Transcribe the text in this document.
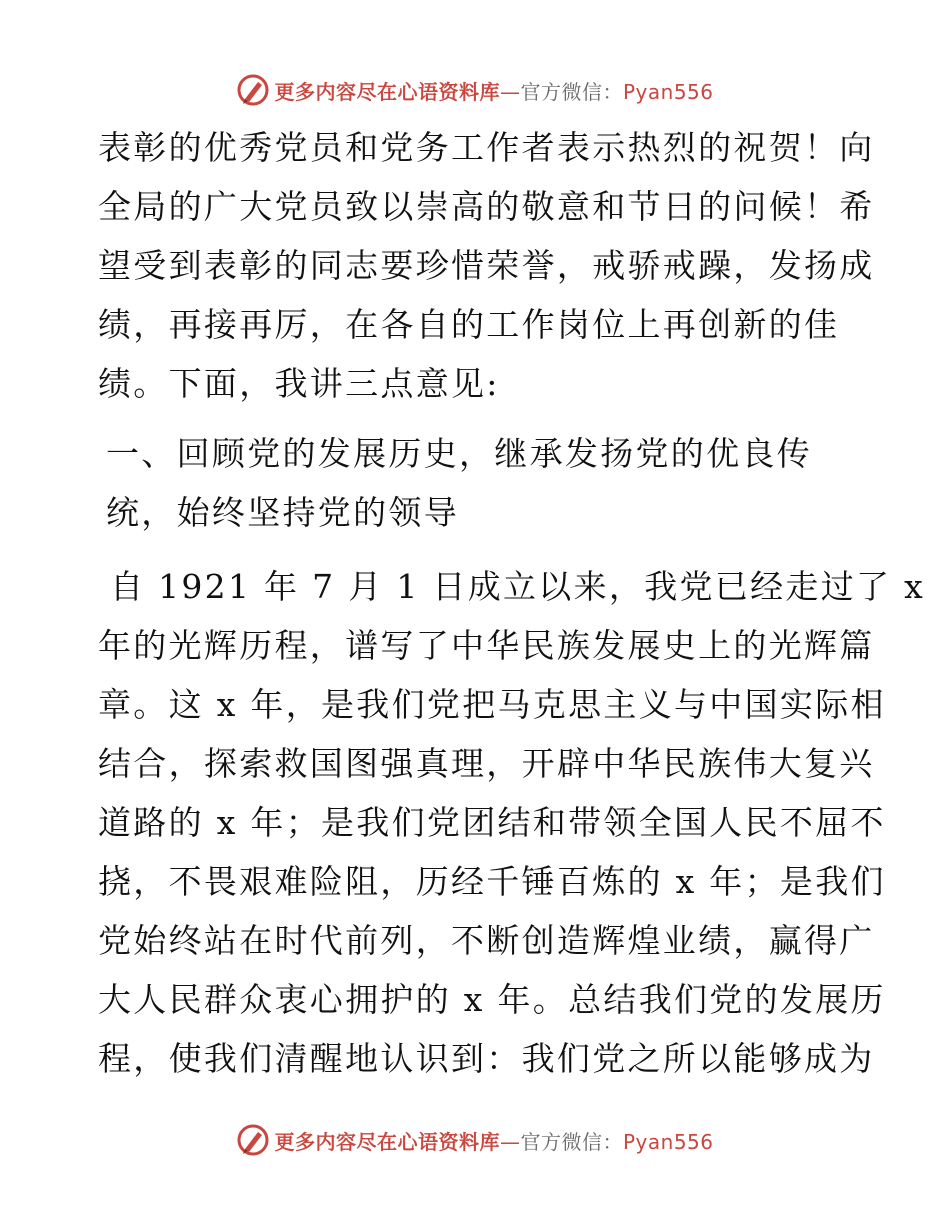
更多内容尽在心语资料库—官方微信：Pyan556
表彰的优秀党员和党务工作者表示热烈的祝贺！向
全局的广大党员致以崇高的敬意和节日的问候！希
望受到表彰的同志要珍惜荣誉，戒骄戒躁，发扬成
绩，再接再厉，在各自的工作岗位上再创新的佳
绩。下面，我讲三点意见:
一、回顾党的发展历史，继承发扬党的优良传
统，始终坚持党的领导
自 1921 年 7 月 1 日成立以来，我党已经走过了 x
年的光辉历程，谱写了中华民族发展史上的光辉篇
章。这 x 年，是我们党把马克思主义与中国实际相
结合，探索救国图强真理，开辟中华民族伟大复兴
道路的 x 年；是我们党团结和带领全国人民不屈不
挠，不畏艰难险阻，历经千锤百炼的 x 年；是我们
党始终站在时代前列，不断创造辉煌业绩，赢得广
大人民群众衷心拥护的 x 年。总结我们党的发展历
程，使我们清醒地认识到：我们党之所以能够成为
更多内容尽在心语资料库—官方微信：Pyan556
